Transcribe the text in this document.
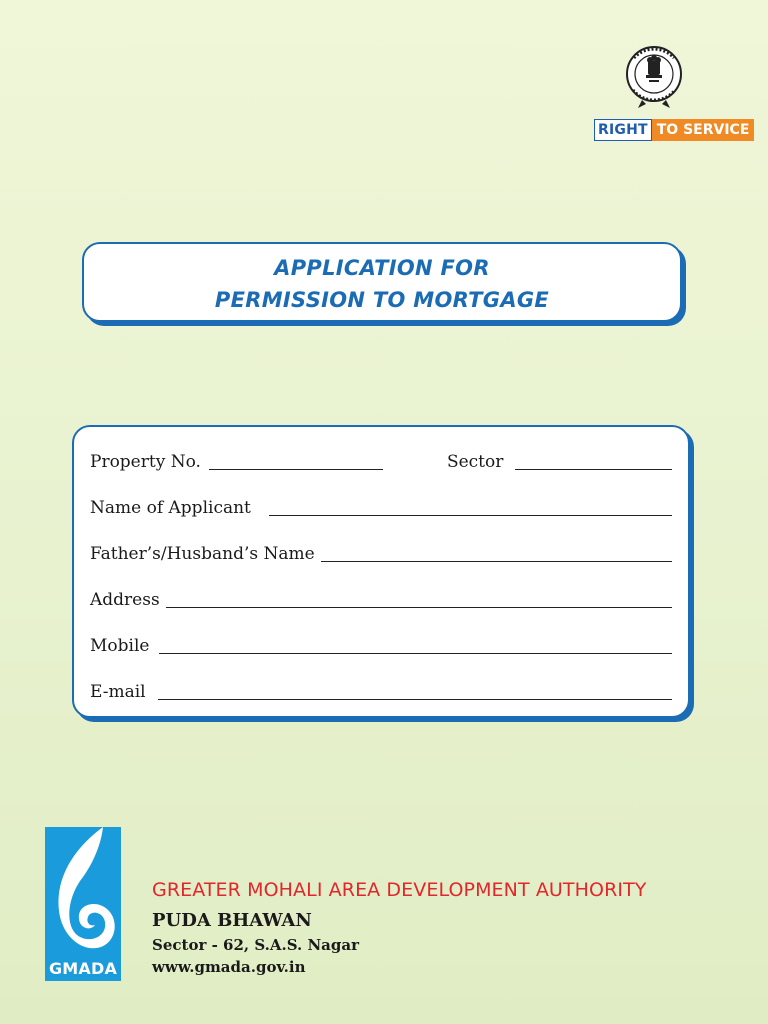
RIGHT TO SERVICE
APPLICATION FOR
PERMISSION TO MORTGAGE
Property No.	Sector
Name of Applicant
Father’s/Husband’s Name
Address
Mobile
E-mail
GMADA
GREATER MOHALI AREA DEVELOPMENT AUTHORITY
PUDA BHAWAN
Sector - 62, S.A.S. Nagar
www.gmada.gov.in
